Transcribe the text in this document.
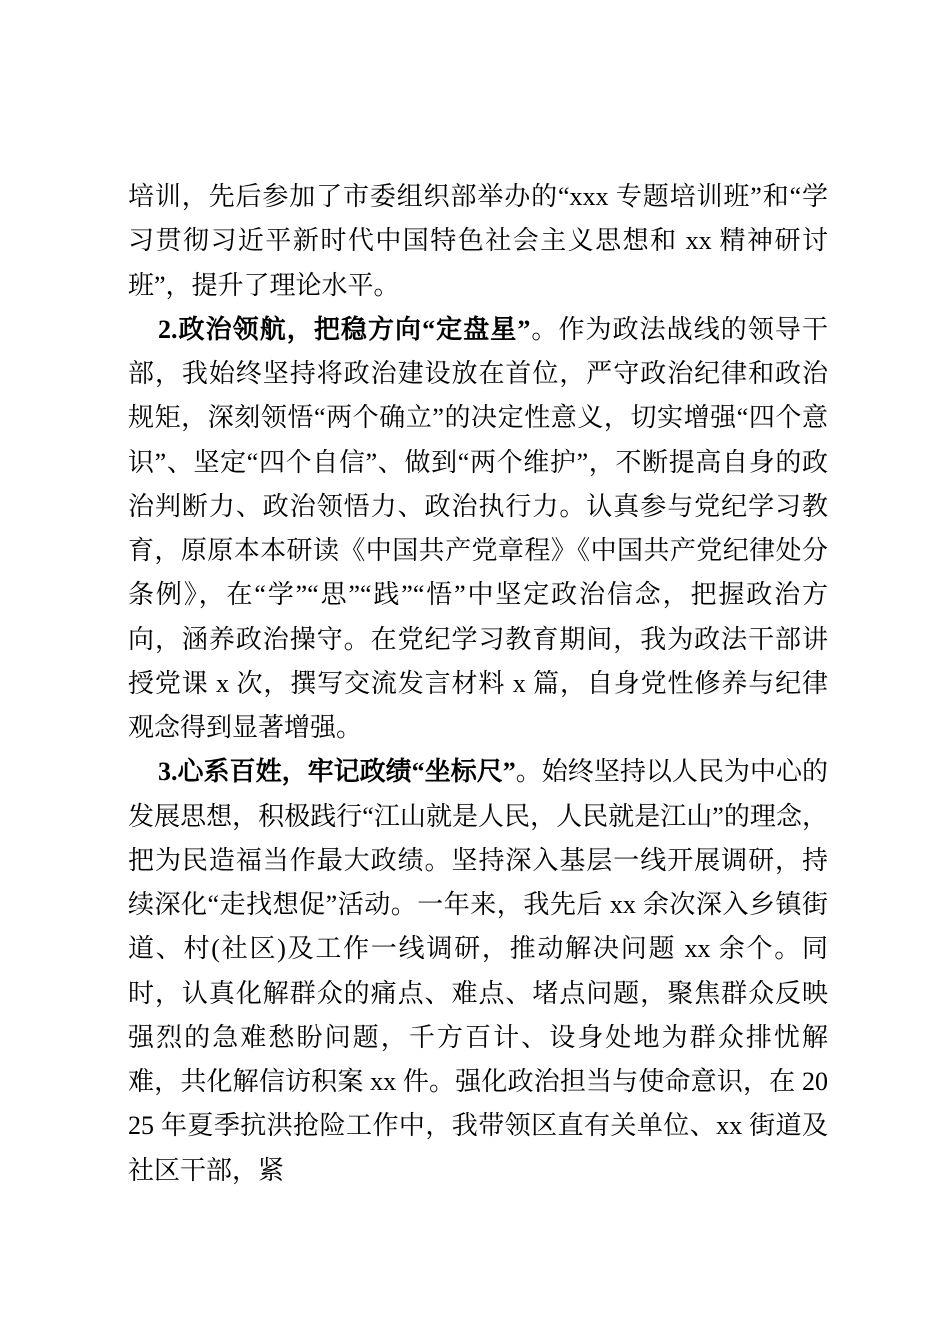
培训，先后参加了市委组织部举办的“xxx 专题培训班”和“学习贯彻习近平新时代中国特色社会主义思想和 xx 精神研讨班”，提升了理论水平。

2.政治领航，把稳方向“定盘星”。作为政法战线的领导干部，我始终坚持将政治建设放在首位，严守政治纪律和政治规矩，深刻领悟“两个确立”的决定性意义，切实增强“四个意识”、坚定“四个自信”、做到“两个维护”，不断提高自身的政治判断力、政治领悟力、政治执行力。认真参与党纪学习教育，原原本本研读《中国共产党章程》《中国共产党纪律处分条例》，在“学”“思”“践”“悟”中坚定政治信念，把握政治方向，涵养政治操守。在党纪学习教育期间，我为政法干部讲授党课 x 次，撰写交流发言材料 x 篇，自身党性修养与纪律观念得到显著增强。

3.心系百姓，牢记政绩“坐标尺”。始终坚持以人民为中心的发展思想，积极践行“江山就是人民，人民就是江山”的理念，把为民造福当作最大政绩。坚持深入基层一线开展调研，持续深化“走找想促”活动。一年来，我先后 xx 余次深入乡镇街道、村(社区)及工作一线调研，推动解决问题 xx 余个。同时，认真化解群众的痛点、难点、堵点问题，聚焦群众反映强烈的急难愁盼问题，千方百计、设身处地为群众排忧解难，共化解信访积案 xx 件。强化政治担当与使命意识，在 2025 年夏季抗洪抢险工作中，我带领区直有关单位、xx 街道及社区干部，紧
